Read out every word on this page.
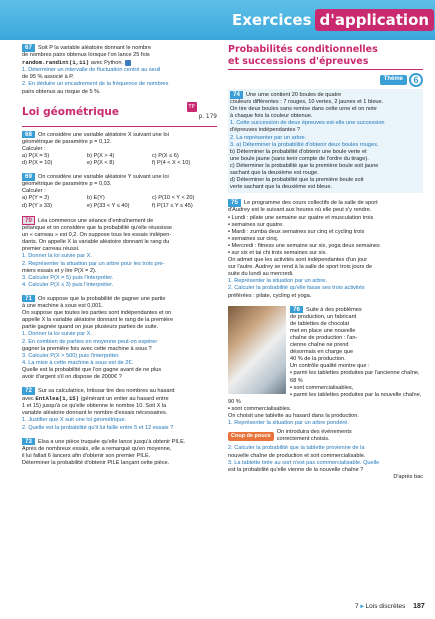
Exercices d'application

67 Soit P la variable aléatoire donnant le nombre

de nombres pairs obtenus lorsque l'on lance 25 fois

random.randint(1,11) avec Python.

1. Déterminer un intervalle de fluctuation centré au seuil

de 95 % associé à P.

2. En déduire un encadrement de la fréquence de nombres

pairs obtenus au risque de 5 %.

Loi géométrique	TP 4 p. 179

68 On considère une variable aléatoire X suivant une loi

géométrique de paramètre p = 0,12.

Calculer :

a) P(X = 5)	b) P(X > 4)	c) P(X ≤ 6)
d) P(X = 10)	e) P(X < 8)	f) P(4 < X < 10)

69 On considère une variable aléatoire Y suivant une loi

géométrique de paramètre p = 0,03.

Calculer :

a) P(Y = 3)	b) E(Y)	c) P(10 < Y < 20)
d) P(Y ≥ 33)	e) P(33 < Y ≤ 40)	f) P(17 ≤ Y ≤ 45)

70 Léa commence une séance d'entraînement de

pétanque et on considère que la probabilité qu'elle réussisse

un « carreau » est 0,2. On suppose tous les essais indépen-

dants. On appelle X la variable aléatoire donnant le rang du

premier carreau réussi.

1. Donner la loi suivie par X.

2. Représenter la situation par un arbre pour les trois pre-

miers essais et y lire P(X = 2).

3. Calculer P(X = 5) puis l'interpréter.

4. Calculer P(X ≤ 3) puis l'interpréter.

71 On suppose que la probabilité de gagner une partie

à une machine à sous est 0,001.

On suppose que toutes les parties sont indépendantes et on

appelle X la variable aléatoire donnant le rang de la première

partie gagnée quand on joue plusieurs parties de suite.

1. Donner la loi suivie par X.

2. En combien de parties en moyenne peut-on espérer

gagner la première fois avec cette machine à sous ?

3. Calculer P(X > 500) puis l'interpréter.

4. La mise à cette machine à sous est de 2€.

Quelle est la probabilité que l'on gagne avant de ne plus

avoir d'argent s'il on dispose de 2000€ ?

72 Sur sa calculatrice, Intissar tire des nombres au hasard

avec EntAlea(1,15) (générant un entier au hasard entre

1 et 15) jusqu'à ce qu'elle obtienne le nombre 10. Soit X la

variable aléatoire donnant le nombre d'essais nécessaires.

1. Justifier que X suit une loi géométrique.

2. Quelle est la probabilité qu'il lui faille entre 5 et 12 essais ?

73 Elsa a une pièce truquée qu'elle lance jusqu'à obtenir PILE.

Après de nombreux essais, elle a remarqué qu'en moyenne,

il lui fallait 6 lancers afin d'obtenir son premier PILE.

Déterminer la probabilité d'obtenir PILE lançant cette pièce.

Probabilités conditionnelles
et successions d'épreuves
Thème	6

74 Une urne contient 20 boules de quatre

couleurs différentes : 7 rouges, 10 vertes, 2 jaunes et 1 bleue.

On tire deux boules sans remise dans cette urne et on note

à chaque fois la couleur obtenue.

1. Cette succession de deux épreuves est-elle une succession

d'épreuves indépendantes ?

2. La représenter par un arbre.

3. a) Déterminer la probabilité d'obtenir deux boules rouges.

b) Déterminer la probabilité d'obtenir une boule verte et

une boule jaune (sans tenir compte de l'ordre du tirage).

c) Déterminer la probabilité que la première boule soit jaune

sachant que la deuxième est rouge.

d) Déterminer la probabilité que la première boule soit

verte sachant que la deuxième est bleue.

75 Le programme des cours collectifs de la salle de sport

d'Audrey est le suivant aux heures où elle peut s'y rendre.

• Lundi : pilate une semaine sur quatre et musculation trois
• semaines sur quatre.
• Mardi : zumba deux semaines sur cinq et cycling trois
• semaines sur cinq.
• Mercredi : fitness une semaine sur six, yoga deux semaines
• sur six et tai chi trois semaines sur six.

On admet que les activités sont indépendantes d'un jour

sur l'autre. Audrey se rend à la salle de sport trois jours de

suite du lundi au mercredi.

1. Représenter la situation par un arbre.

2. Calculer la probabilité qu'elle fasse ses trois activités

préférées : pilate, cycling et yoga.

76 Suite à des problèmes

de production, un fabricant

de tablettes de chocolat

met en place une nouvelle

chaîne de production : l'an-

cienne chaîne ne prend

désormais en charge que

40 % de la production.

Un contrôle qualité montre que :

• parmi les tablettes produites par l'ancienne chaîne, 68 %
• sont commercialisables,
• parmi les tablettes produites par la nouvelle chaîne, 90 %
• sont commercialisables.

On choisit une tablette au hasard dans la production.

1. Représenter la situation par un arbre pondéré.

Coup de pouce
On introduira des événements
correctement choisis.

2. Calculer la probabilité que la tablette provienne de la

nouvelle chaîne de production et soit commercialisable.

3. La tablette tirée au sort n'est pas commercialisable. Quelle

est la probabilité qu'elle vienne de la nouvelle chaîne ?

D'après bac

7 ▸ Lois discrètes 187
